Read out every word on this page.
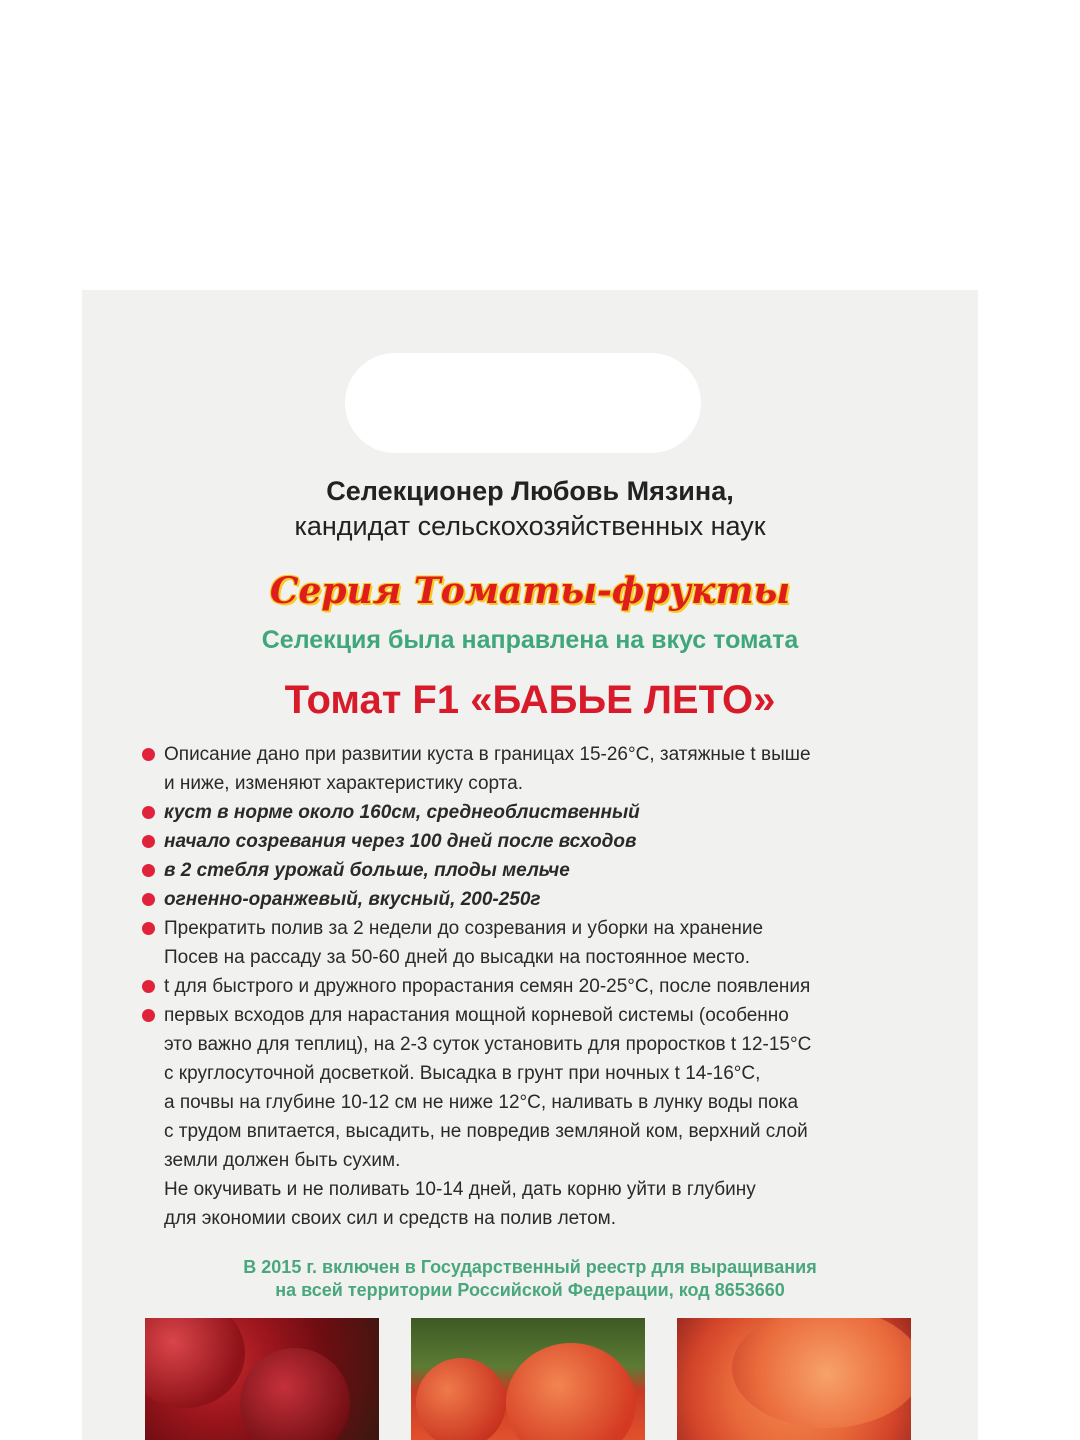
Селекционер Любовь Мязина,
кандидат сельскохозяйственных наук
Серия Томаты-фрукты
Селекция была направлена на вкус томата
Томат F1 «БАБЬЕ ЛЕТО»
Описание дано при развитии куста в границах 15-26°C, затяжные t выше
и ниже, изменяют характеристику сорта.
куст в норме около 160см, среднеоблиственный
начало созревания через 100 дней после всходов
в 2 стебля урожай больше, плоды мельче
огненно-оранжевый, вкусный, 200-250г
Прекратить полив за 2 недели до созревания и уборки на хранение
Посев на рассаду за 50-60 дней до высадки на постоянное место.
t для быстрого и дружного прорастания семян 20-25°C, после появления
первых всходов для нарастания мощной корневой системы (особенно
это важно для теплиц), на 2-3 суток установить для проростков t 12-15°C
с круглосуточной досветкой. Высадка в грунт при ночных t 14-16°C,
а почвы на глубине 10-12 см не ниже 12°C, наливать в лунку воды пока
с трудом впитается, высадить, не повредив земляной ком, верхний слой
земли должен быть сухим.
Не окучивать и не поливать 10-14 дней, дать корню уйти в глубину
для экономии своих сил и средств на полив летом.
В 2015 г. включен в Государственный реестр для выращивания
на всей территории Российской Федерации, код 8653660
